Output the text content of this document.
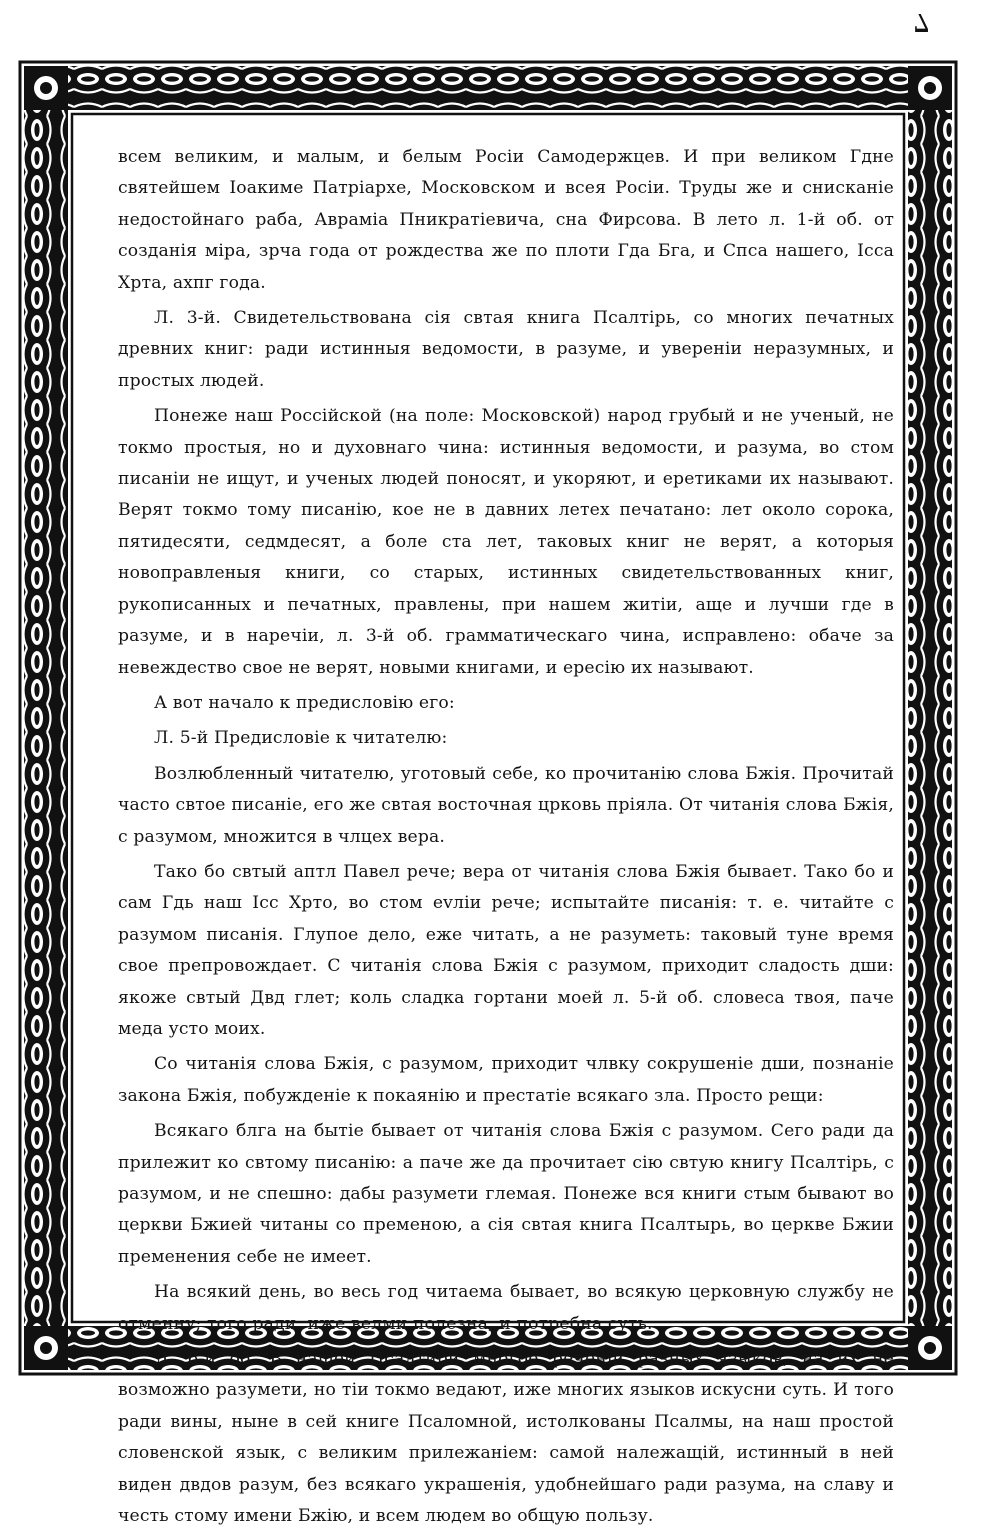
7

всем великим, и малым, и белым Росіи Самодержцев. И при великом Гдне святейшем Іоакиме Патріархе, Московском и всея Росіи. Труды же и снисканіе недостойнаго раба, Авраміа Пникратіевича, сна Фирсова. В лето л. 1-й об. от созданія міра, зрча года от рождества же по плоти Гда Бга, и Спса нашего, Ісса Хрта, ахпг года.

Л. 3-й. Свидетельствована сія свтая книга Псалтірь, со многих печатных древних книг: ради истинныя ведомости, в разуме, и увереніи неразумных, и простых людей.

Понеже наш Россійской (на поле: Московской) народ грубый и не ученый, не токмо простыя, но и духовнаго чина: истинныя ведомости, и разума, во стом писаніи не ищут, и ученых людей поносят, и укоряют, и еретиками их называют. Верят токмо тому писанію, кое не в давних летех печатано: лет около сорока, пятидесяти, седмдесят, а боле ста лет, таковых книг не верят, а которыя новоправленыя книги, со старых, истинных свидетельствованных книг, рукописанных и печатных, правлены, при нашем житіи, аще и лучши где в разуме, и в наречіи, л. 3-й об. грамматическаго чина, исправлено: обаче за невеждество свое не верят, новыми книгами, и ересію их называют.

А вот начало к предисловію его:

Л. 5-й Предисловіе к читателю:

Возлюбленный читателю, уготовый себе, ко прочитанію словa Бжія. Прочитай часто свтое писаніе, его же свтая восточная црковь пріяла. От читанія слова Бжія, с разумом, множится в члцех вера.

Тако бо свтый аптл Павел рече; вера от читанія слова Бжія бывает. Тако бо и сам Гдь наш Ісс Хрто, во стом еvліи рече; испытайте писанія: т. е. читайте с разумом писанія. Глупое дело, еже читать, а не разуметь: таковый туне время свое препровождает. С читанія слова Бжія с разумом, приходит сладость дши: якоже свтый Двд глет; коль сладка гортани моей л. 5-й об. словеса твоя, паче меда усто моих.

Со читанія слова Бжія, с разумом, приходит члвку сокрушеніе дши, познаніе закона Бжія, побужденіе к покаянію и престатіе всякаго зла. Просто рещи:

Всякаго блга на бытіе бывает от читанія слова Бжія с разумом. Сего ради да прилежит ко свтому писанію: а паче же да прочитает сію свтую книгу Псалтірь, с разумом, и не спешно: дабы разумети глемая. Понеже вся книги стым бывают во церкви Бжией читаны со пременою, а сія свтая книга Псалтырь, во церкве Бжии пременения себе не имеет.

На всякий день, во весь год читаема бывает, во всякую церковную службу не отменну; того ради, иже велми полезна, и потребна суть.

Л. 6-й об. В нашей Псалтири многое реченій разных языков, на их не возможно разумети, но тіи токмо ведают, иже многих языков искусни суть. И того ради вины, ныне в сей книге Псаломной, истолкованы Псалмы, на наш простой словенской язык, с великим прилежаніем: самой належащій, истинный в ней виден двдов разум, без всякаго украшенія, удобнейшаго ради разума, на славу и честь стому имени Бжію, и всем людем во общую пользу.
